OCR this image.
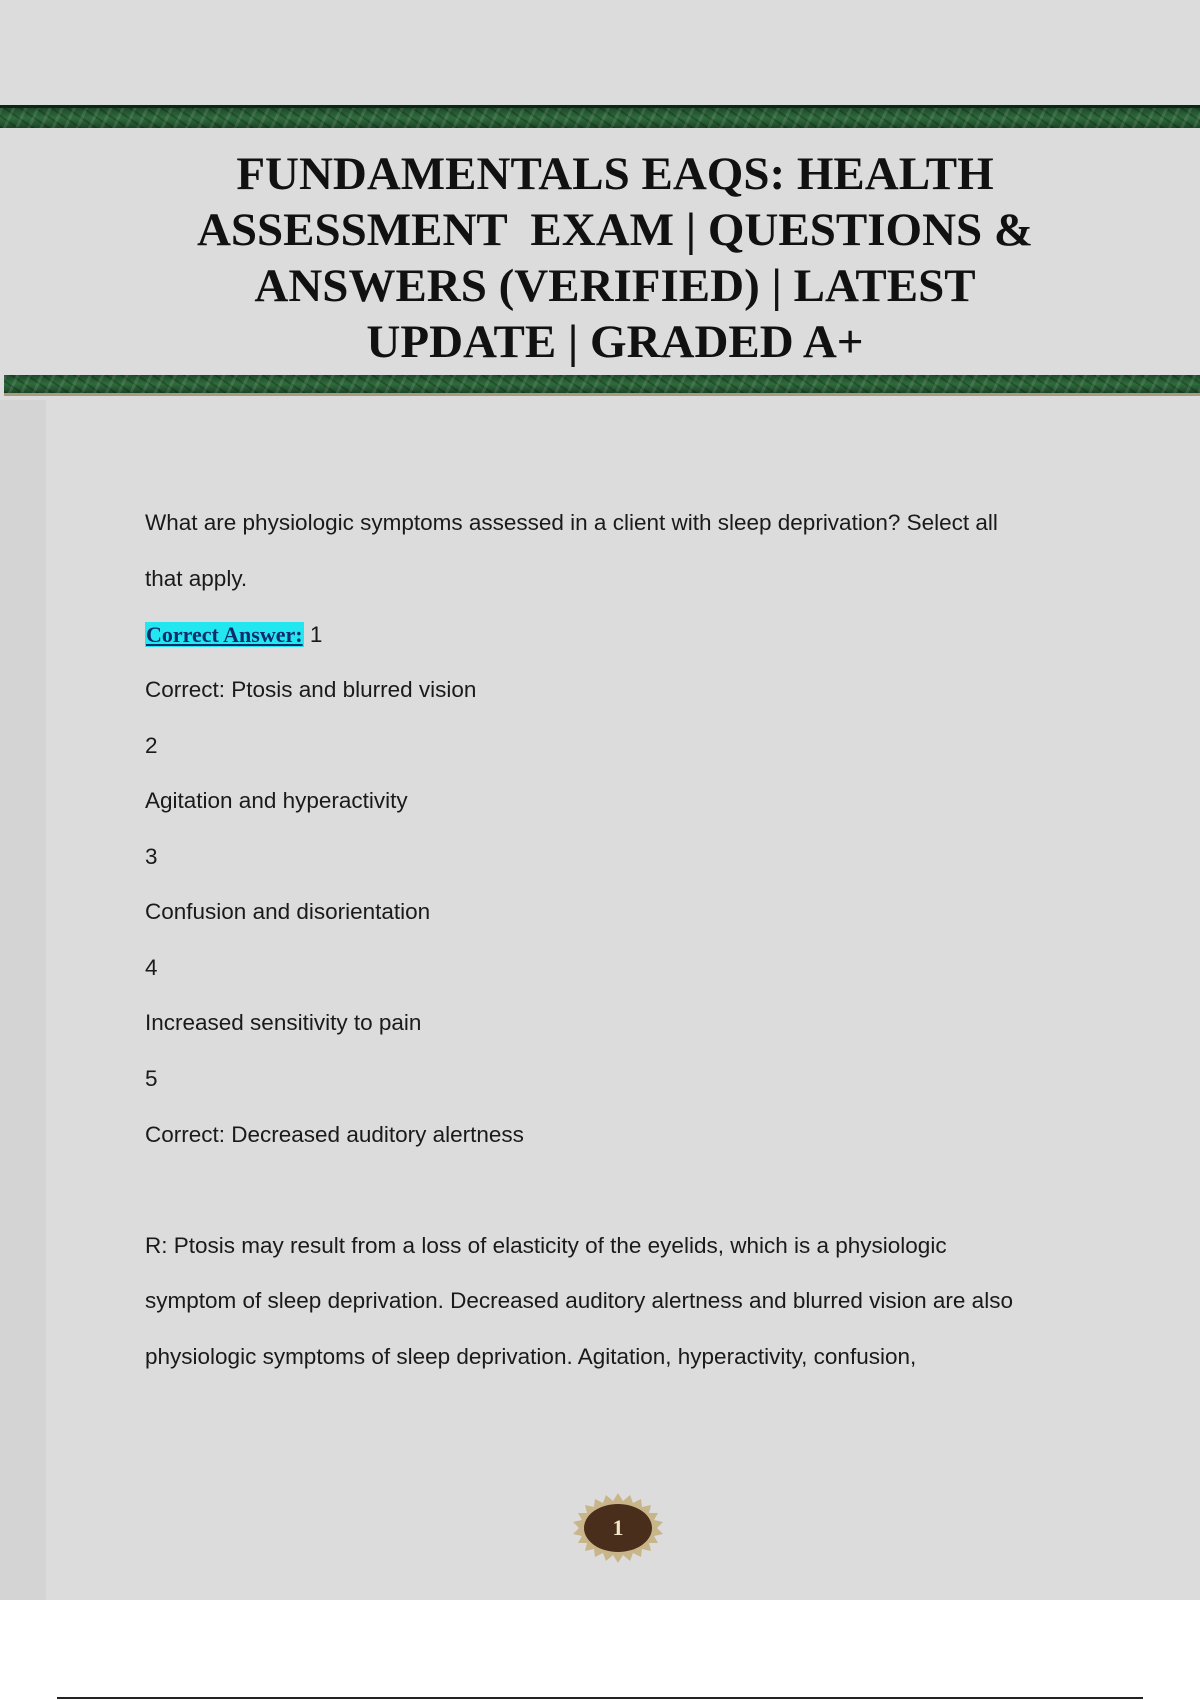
FUNDAMENTALS EAQS: HEALTH
ASSESSMENT  EXAM | QUESTIONS &
ANSWERS (VERIFIED) | LATEST
UPDATE | GRADED A+

What are physiologic symptoms assessed in a client with sleep deprivation? Select all

that apply.

Correct Answer: 1

Correct: Ptosis and blurred vision

2

Agitation and hyperactivity

3

Confusion and disorientation

4

Increased sensitivity to pain

5

Correct: Decreased auditory alertness

R: Ptosis may result from a loss of elasticity of the eyelids, which is a physiologic

symptom of sleep deprivation. Decreased auditory alertness and blurred vision are also

physiologic symptoms of sleep deprivation. Agitation, hyperactivity, confusion,

1
